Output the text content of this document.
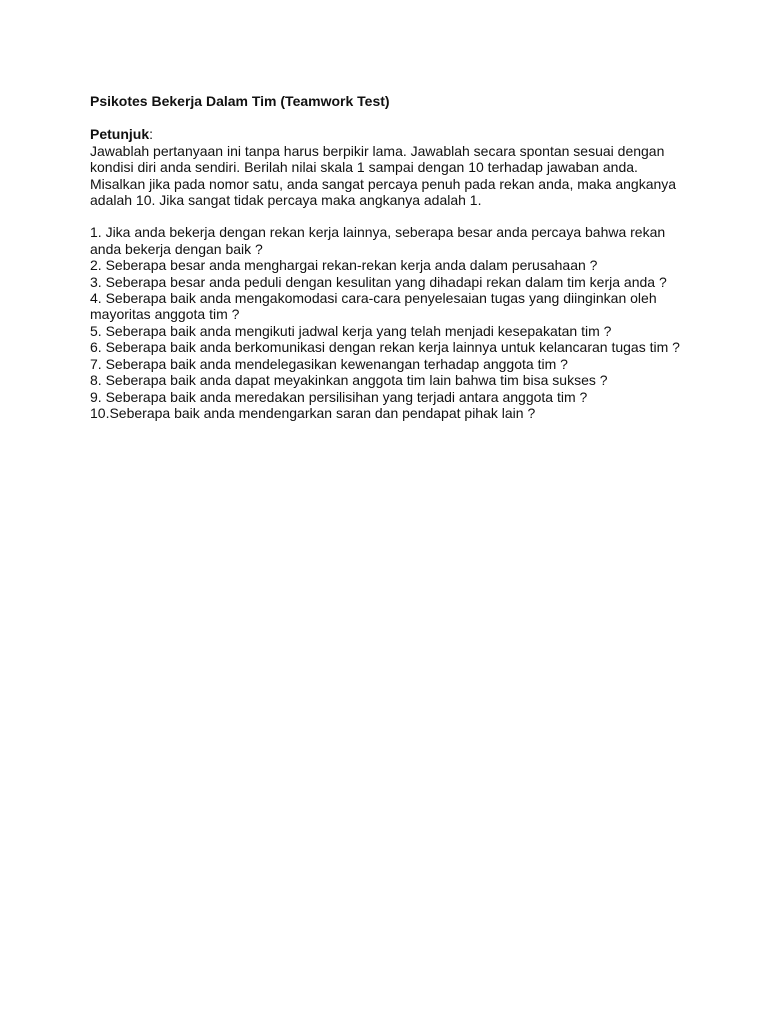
Psikotes Bekerja Dalam Tim (Teamwork Test)
Petunjuk:
Jawablah pertanyaan ini tanpa harus berpikir lama. Jawablah secara spontan sesuai dengan
kondisi diri anda sendiri. Berilah nilai skala 1 sampai dengan 10 terhadap jawaban anda.
Misalkan jika pada nomor satu, anda sangat percaya penuh pada rekan anda, maka angkanya
adalah 10. Jika sangat tidak percaya maka angkanya adalah 1.
1. Jika anda bekerja dengan rekan kerja lainnya, seberapa besar anda percaya bahwa rekan
anda bekerja dengan baik ?
2. Seberapa besar anda menghargai rekan-rekan kerja anda dalam perusahaan ?
3. Seberapa besar anda peduli dengan kesulitan yang dihadapi rekan dalam tim kerja anda ?
4. Seberapa baik anda mengakomodasi cara-cara penyelesaian tugas yang diinginkan oleh
mayoritas anggota tim ?
5. Seberapa baik anda mengikuti jadwal kerja yang telah menjadi kesepakatan tim ?
6. Seberapa baik anda berkomunikasi dengan rekan kerja lainnya untuk kelancaran tugas tim ?
7. Seberapa baik anda mendelegasikan kewenangan terhadap anggota tim ?
8. Seberapa baik anda dapat meyakinkan anggota tim lain bahwa tim bisa sukses ?
9. Seberapa baik anda meredakan persilisihan yang terjadi antara anggota tim ?
10.Seberapa baik anda mendengarkan saran dan pendapat pihak lain ?
